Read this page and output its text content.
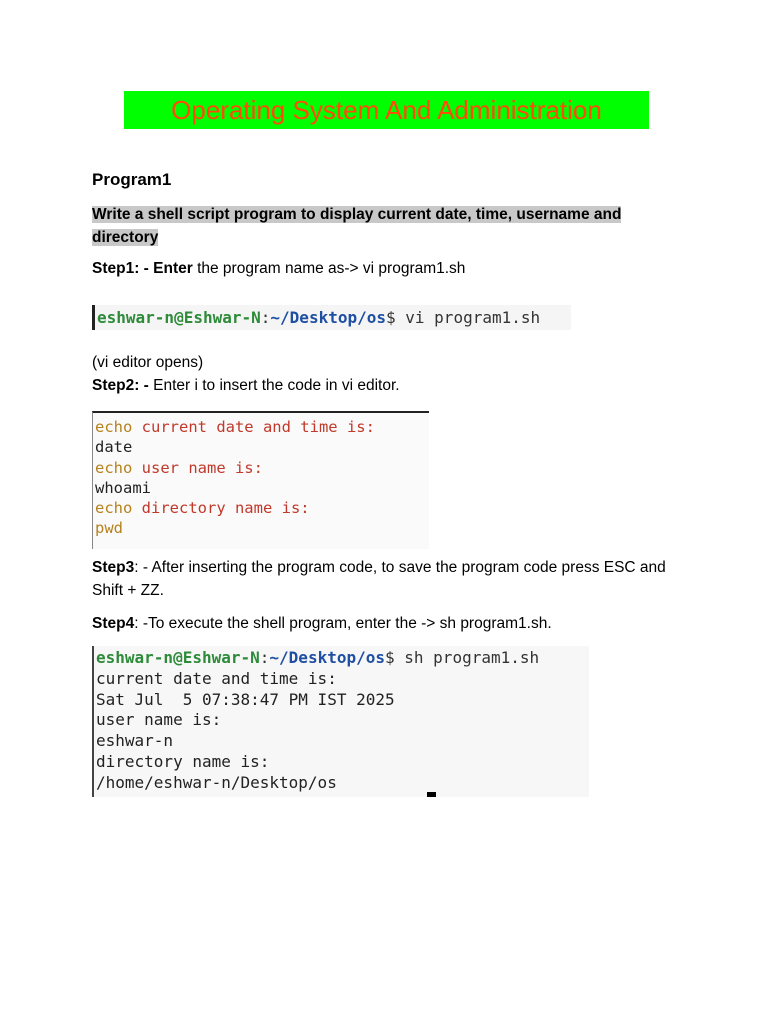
Operating System And Administration
Program1
Write a shell script program to display current date, time, username and directory
Step1: - Enter the program name as-> vi program1.sh
eshwar-n@Eshwar-N:~/Desktop/os$ vi program1.sh
(vi editor opens)
Step2: - Enter i to insert the code in vi editor.
echo current date and time is:
date
echo user name is:
whoami
echo directory name is:
pwd
Step3: - After inserting the program code, to save the program code press ESC and Shift + ZZ.
Step4: -To execute the shell program, enter the -> sh program1.sh.
eshwar-n@Eshwar-N:~/Desktop/os$ sh program1.sh
current date and time is:
Sat Jul  5 07:38:47 PM IST 2025
user name is:
eshwar-n
directory name is:
/home/eshwar-n/Desktop/os
